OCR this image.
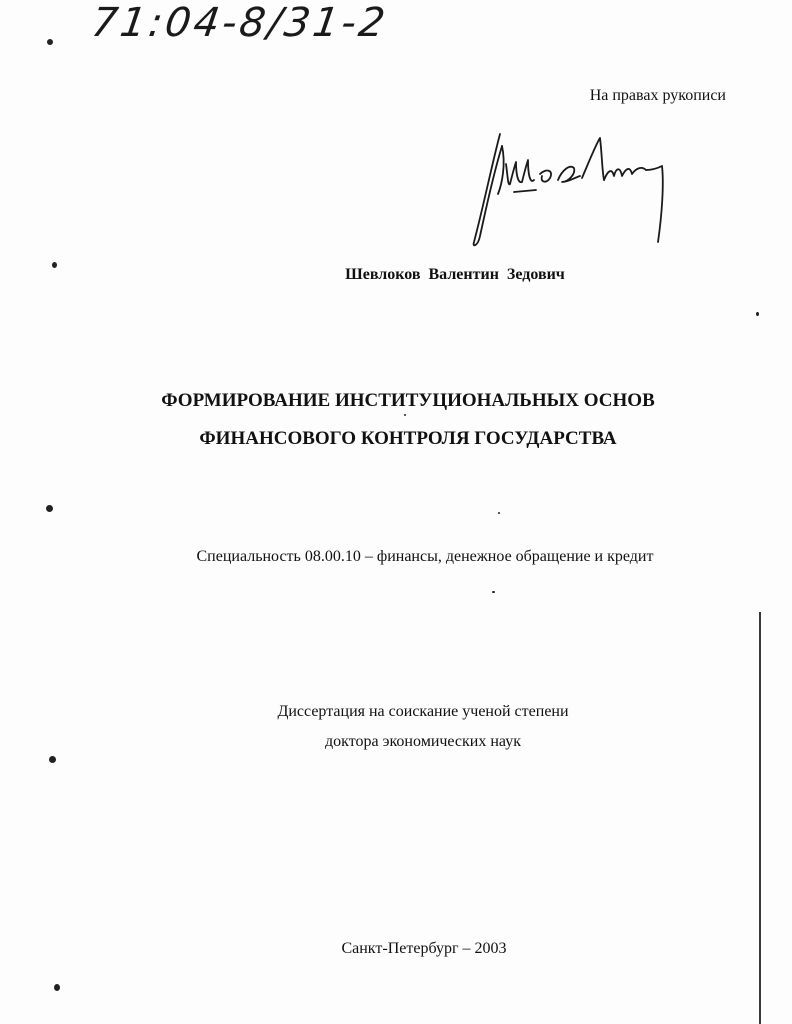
71:04-8/31-2
На правах рукописи
Шевлоков Валентин Зедович
ФОРМИРОВАНИЕ ИНСТИТУЦИОНАЛЬНЫХ ОСНОВ
ФИНАНСОВОГО КОНТРОЛЯ ГОСУДАРСТВА
Специальность 08.00.10 – финансы, денежное обращение и кредит
Диссертация на соискание ученой степени
доктора экономических наук
Санкт-Петербург – 2003
